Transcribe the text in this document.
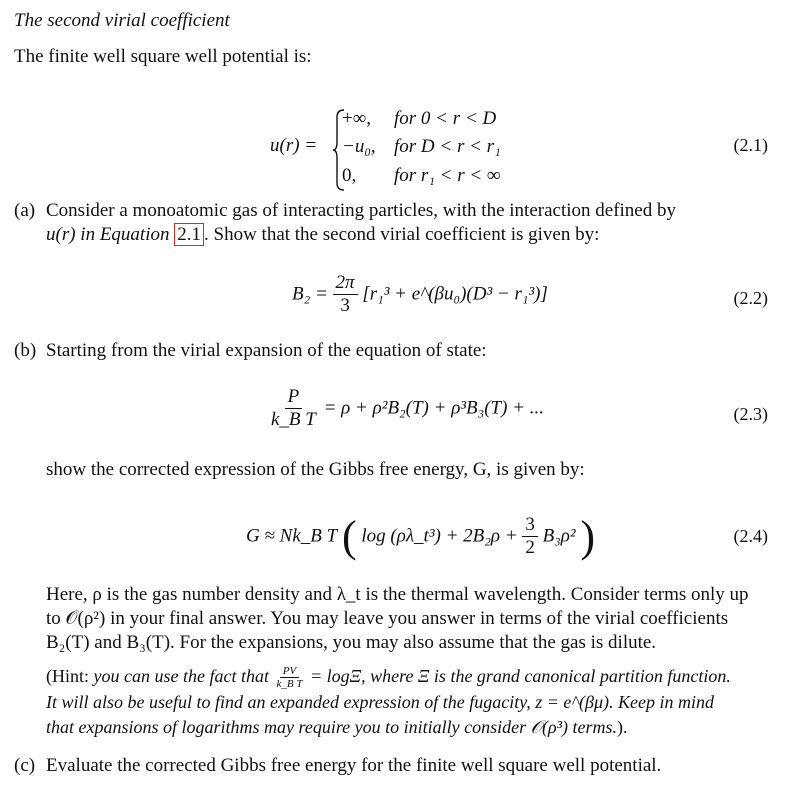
The second virial coefficient
The finite well square well potential is:
u(r) =
+∞, for 0 < r < D
−u₀, for D < r < r₁
0, for r₁ < r < ∞
(2.1)
(a) Consider a monoatomic gas of interacting particles, with the interaction defined by
u(r) in Equation 2.1 . Show that the second virial coefficient is given by:
$B_2 = \frac{2\pi}{3} [r_1^3$ + e^(βu₀)(D³ − r₁³)]	(2.2)
(b) Starting from the virial expansion of the equation of state:
$\frac{P}{\text{k\_B T}} = \rho + \rho^2B_2(T) + \rho^3B_3(T)$ + ...	(2.3)
show the corrected expression of the Gibbs free energy, G, is given by:
G ≈ Nk_B T ( log (ρλ_t³) + $2B_2\rho + \frac{3}{2} B_3\rho^2$ )	(2.4)
Here, ρ is the gas number density and λ_t is the thermal wavelength. Consider terms only up
to 𝒪(ρ²) in your final answer. You may leave you answer in terms of the virial coefficients
B₂(T) and B₃(T). For the expansions, you may also assume that the gas is dilute.
(Hint: you can use the fact that $\frac{PV}{\text{k\_B T}} = \log\Xi$, where Ξ is the grand canonical partition function.
It will also be useful to find an expanded expression of the fugacity, z = e^(βμ). Keep in mind
that expansions of logarithms may require you to initially consider 𝒪(ρ³) terms.).
(c) Evaluate the corrected Gibbs free energy for the finite well square well potential.
